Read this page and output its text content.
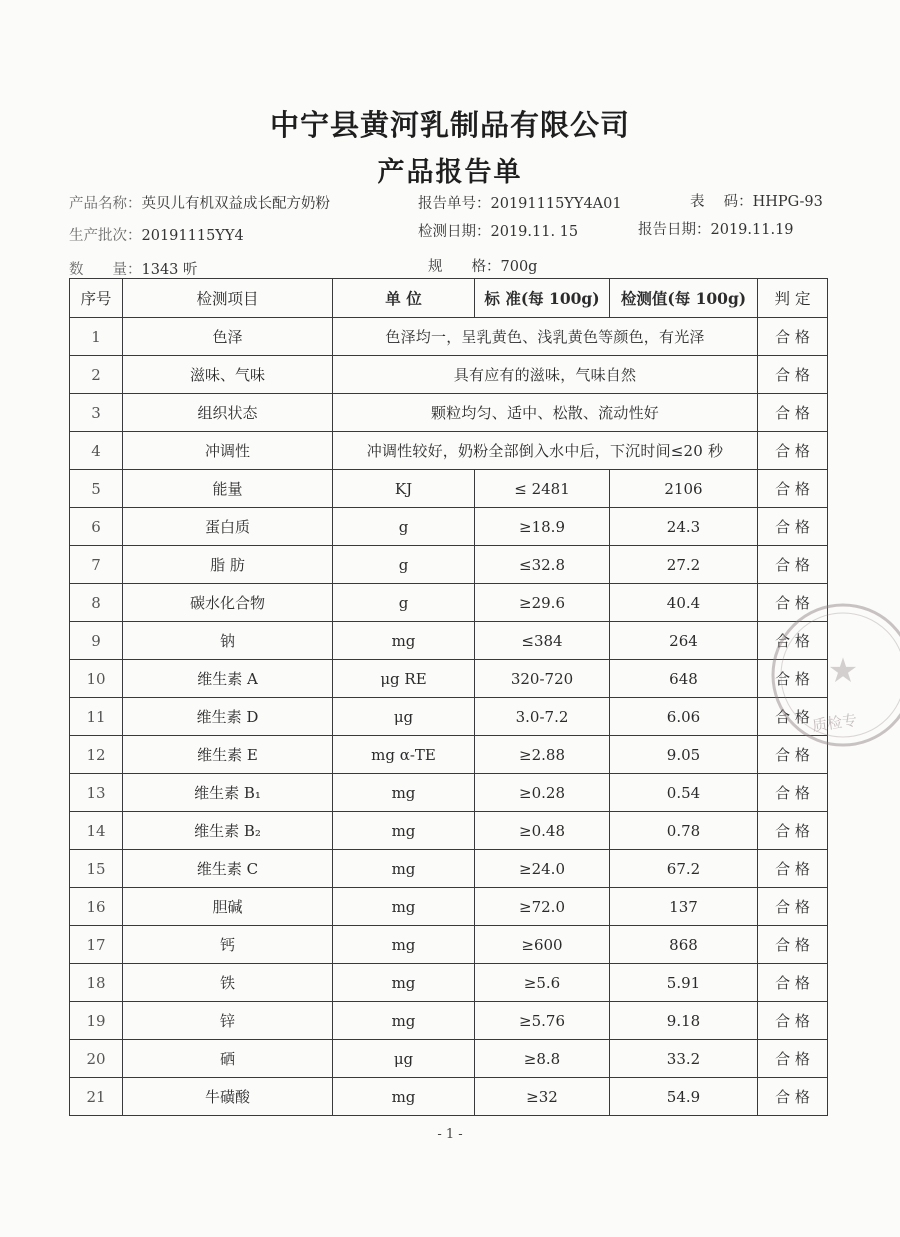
中宁县黄河乳制品有限公司
产品报告单
产品名称：英贝儿有机双益成长配方奶粉	报告单号：20191115YY4A01	表　 码：HHPG-93
生产批次：20191115YY4	检测日期：2019.11. 15	报告日期：2019.11.19
数　　量：1343 听	规　　格：700g
序号	检测项目	单 位	标 准(每 100g)	检测值(每 100g)	判 定
1	色泽	色泽均一，呈乳黄色、浅乳黄色等颜色，有光泽			合 格
2	滋味、气味	具有应有的滋味，气味自然			合 格
3	组织状态	颗粒均匀、适中、松散、流动性好			合 格
4	冲调性	冲调性较好，奶粉全部倒入水中后，下沉时间≤20 秒			合 格
5	能量	KJ	≤ 2481	2106	合 格
6	蛋白质	g	≥18.9	24.3	合 格
7	脂 肪	g	≤32.8	27.2	合 格
8	碳水化合物	g	≥29.6	40.4	合 格
9	钠	mg	≤384	264	合 格
10	维生素 A	μg RE	320-720	648	合 格
11	维生素 D	μg	3.0-7.2	6.06	合 格
12	维生素 E	mg α-TE	≥2.88	9.05	合 格
13	维生素 B₁	mg	≥0.28	0.54	合 格
14	维生素 B₂	mg	≥0.48	0.78	合 格
15	维生素 C	mg	≥24.0	67.2	合 格
16	胆碱	mg	≥72.0	137	合 格
17	钙	mg	≥600	868	合 格
18	铁	mg	≥5.6	5.91	合 格
19	锌	mg	≥5.76	9.18	合 格
20	硒	μg	≥8.8	33.2	合 格
21	牛磺酸	mg	≥32	54.9	合 格
★
质检专
- 1 -
